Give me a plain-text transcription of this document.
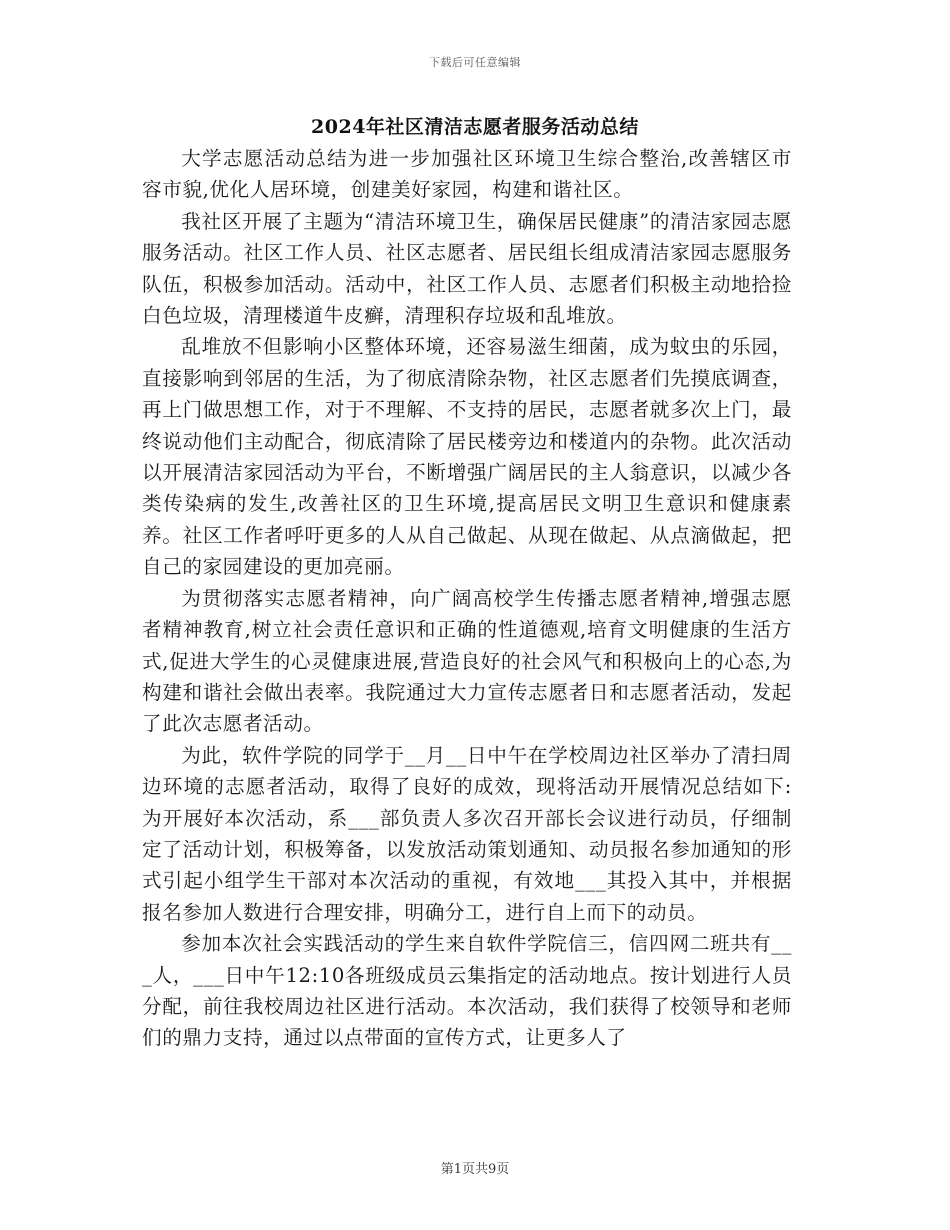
下载后可任意编辑
2024年社区清洁志愿者服务活动总结

大学志愿活动总结为进一步加强社区环境卫生综合整治,改善辖区市容市貌,优化人居环境，创建美好家园，构建和谐社区。

我社区开展了主题为“清洁环境卫生，确保居民健康”的清洁家园志愿服务活动。社区工作人员、社区志愿者、居民组长组成清洁家园志愿服务队伍，积极参加活动。活动中，社区工作人员、志愿者们积极主动地拾捡白色垃圾，清理楼道牛皮癣，清理积存垃圾和乱堆放。

乱堆放不但影响小区整体环境，还容易滋生细菌，成为蚊虫的乐园，直接影响到邻居的生活，为了彻底清除杂物，社区志愿者们先摸底调查，再上门做思想工作，对于不理解、不支持的居民，志愿者就多次上门，最终说动他们主动配合，彻底清除了居民楼旁边和楼道内的杂物。此次活动以开展清洁家园活动为平台，不断增强广阔居民的主人翁意识，以减少各类传染病的发生,改善社区的卫生环境,提高居民文明卫生意识和健康素养。社区工作者呼吁更多的人从自己做起、从现在做起、从点滴做起，把自己的家园建设的更加亮丽。

为贯彻落实志愿者精神，向广阔高校学生传播志愿者精神,增强志愿者精神教育,树立社会责任意识和正确的性道德观,培育文明健康的生活方式,促进大学生的心灵健康进展,营造良好的社会风气和积极向上的心态,为构建和谐社会做出表率。我院通过大力宣传志愿者日和志愿者活动，发起了此次志愿者活动。

为此，软件学院的同学于__月__日中午在学校周边社区举办了清扫周边环境的志愿者活动，取得了良好的成效，现将活动开展情况总结如下:为开展好本次活动，系___部负责人多次召开部长会议进行动员，仔细制定了活动计划，积极筹备，以发放活动策划通知、动员报名参加通知的形式引起小组学生干部对本次活动的重视，有效地___其投入其中，并根据报名参加人数进行合理安排，明确分工，进行自上而下的动员。

参加本次社会实践活动的学生来自软件学院信三，信四网二班共有___人，___日中午12:10各班级成员云集指定的活动地点。按计划进行人员分配，前往我校周边社区进行活动。本次活动，我们获得了校领导和老师们的鼎力支持，通过以点带面的宣传方式，让更多人了

第1页共9页
